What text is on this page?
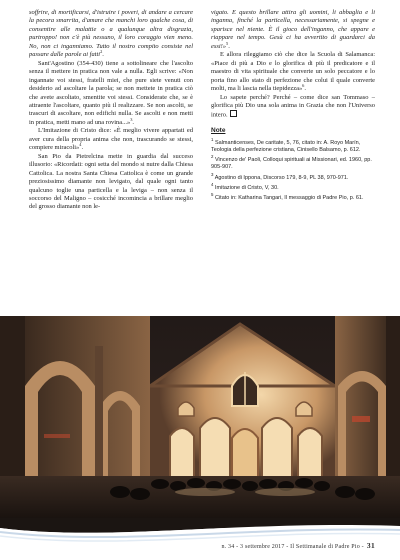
soffrire, di mortificarsi, d'istruire i poveri, di andare a cercare la pecora smarrita, d'amare che manchi loro qualche cosa, di consentire alle malattie o a qualunque altra disgrazia, purtroppo! non c'è più nessuno, il loro coraggio vien meno. No, non ci inganniamo. Tutto il nostro compito consiste nel passare dalle parole ai fatti$^2$.

Sant'Agostino (354-430) tiene a sottolineare che l'ascolto senza il mettere in pratica non vale a nulla. Egli scrive: «Non ingannate voi stessi, fratelli miei, che pure siete venuti con desiderio ad ascoltare la parola; se non mettete in pratica ciò che avete ascoltato, smentite voi stessi. Considerate che, se è attraente l'ascoltare, quanto più il realizzare. Se non ascolti, se trascuri di ascoltare, non edifichi nulla. Se ascolti e non metti in pratica, metti mano ad una rovina...»$^3$.

L'Imitazione di Cristo dice: «È meglio vivere appartati ed aver cura della propria anima che non, trascurando se stessi, compiere miracoli»$^4$.

San Pio da Pietrelcina mette in guardia dal succeso illusorio: «Ricordati: ogni setta del mondo si nutre dalla Chiesa Cattolica. La nostra Santa Chiesa Cattolica è come un grande preziosissimo diamante non levigato, dal quale ogni tanto qualcuno toglie una particella e la leviga – non senza il soccorso del Maligno – cosicché incomincia a brillare meglio del grosso diamante non le-

vigato. E questo brillare attira gli uomini, li abbaglia e li inganna, finché la particella, necessariamente, si spegne e sparisce nel niente. È il gioco dell'inganno, che appare e riappare nel tempo. Gesù ci ha avvertito di guardarci da essi!»$^5$.

E allora rileggiamo ciò che dice la Scuola di Salamanca: «Piace di più a Dio e lo glorifica di più il predicatore e il maestro di vita spirituale che converte un solo peccatore e lo porta fino allo stato di perfezione che colui il quale converte molti, ma li lascia nella tiepidezza»$^6$.

Lo sapete perché? Perché – come dice san Tommaso – glorifica più Dio una sola anima in Grazia che non l'Universo intero.

Note

$^1$ Salmanticenses, De caritate, 5, 76, citato in: A. Royo Marín, Teologia della perfezione cristiana, Cinisello Balsamo, p. 612.

$^2$ Vincenzo de' Paoli, Colloqui spirituali ai Missionari, ed. 1960, pp. 905-907.

$^3$ Agostino di Ippona, Discorso 179, 8-9, PL 38, 970-971.

$^4$ Imitazione di Cristo, V, 30.

$^5$ Citato in: Katharina Tangari, Il messaggio di Padre Pio, p. 61.

n. 34 - 3 settembre 2017 - Il Settimanale di Padre Pio - 31
